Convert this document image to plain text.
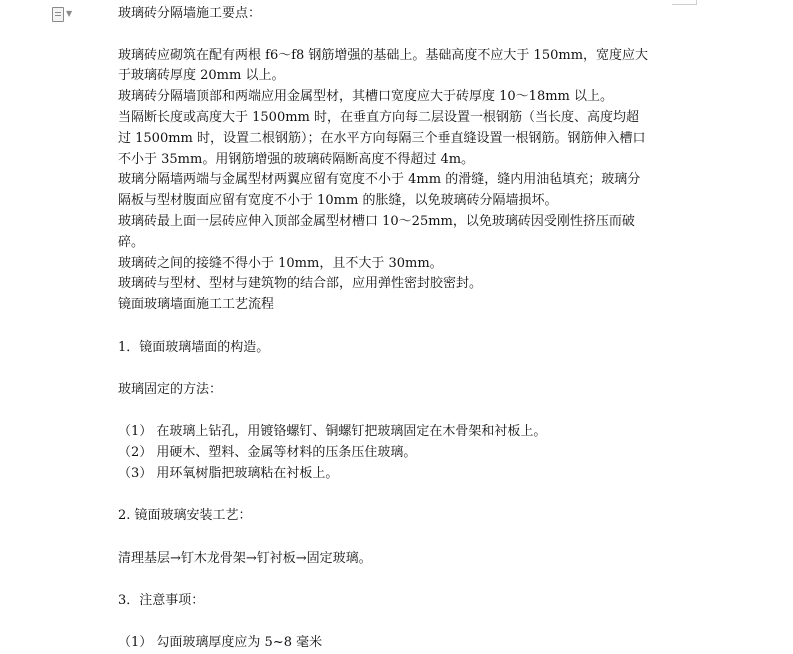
▼	玻璃砖分隔墙施工要点：
玻璃砖应砌筑在配有两根 f6～f8 钢筋增强的基础上。基础高度不应大于 150mm，宽度应大
于玻璃砖厚度 20mm 以上。
玻璃砖分隔墙顶部和两端应用金属型材，其槽口宽度应大于砖厚度 10～18mm 以上。
当隔断长度或高度大于 1500mm 时，在垂直方向每二层设置一根钢筋（当长度、高度均超
过 1500mm 时，设置二根钢筋）；在水平方向每隔三个垂直缝设置一根钢筋。钢筋伸入槽口
不小于 35mm。用钢筋增强的玻璃砖隔断高度不得超过 4m。
玻璃分隔墙两端与金属型材两翼应留有宽度不小于 4mm 的滑缝，缝内用油毡填充；玻璃分
隔板与型材腹面应留有宽度不小于 10mm 的胀缝，以免玻璃砖分隔墙损坏。
玻璃砖最上面一层砖应伸入顶部金属型材槽口 10～25mm，以免玻璃砖因受刚性挤压而破
碎。
玻璃砖之间的接缝不得小于 10mm，且不大于 30mm。
玻璃砖与型材、型材与建筑物的结合部，应用弹性密封胶密封。
镜面玻璃墙面施工工艺流程
1．镜面玻璃墙面的构造。
玻璃固定的方法：
（1） 在玻璃上钻孔，用镀铬螺钉、铜螺钉把玻璃固定在木骨架和衬板上。
（2） 用硬木、塑料、金属等材料的压条压住玻璃。
（3） 用环氧树脂把玻璃粘在衬板上。
2. 镜面玻璃安装工艺：
清理基层→钉木龙骨架→钉衬板→固定玻璃。
3．注意事项：
（1） 勾面玻璃厚度应为 5~8 毫米
